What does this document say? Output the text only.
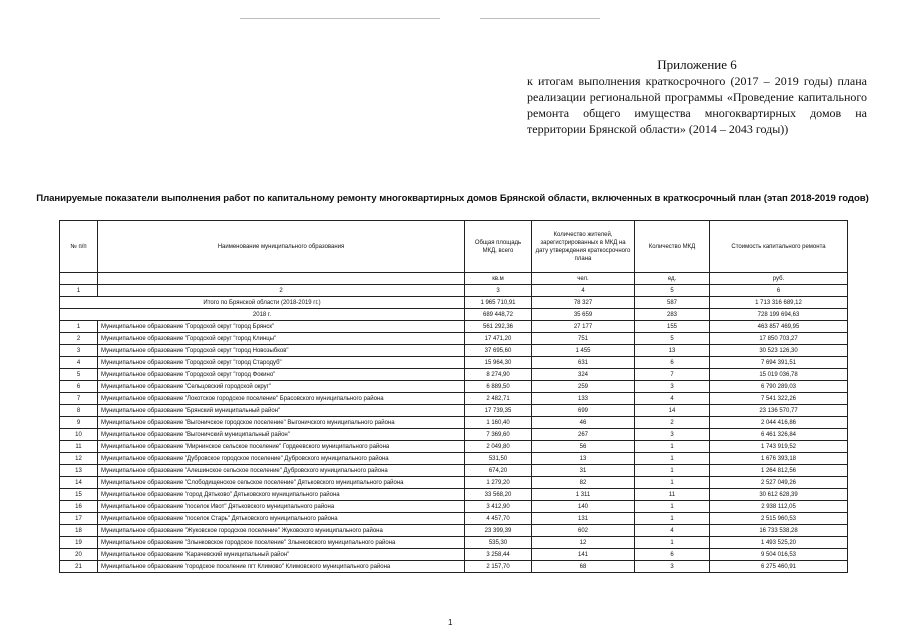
Приложение 6
к итогам выполнения краткосрочного (2017 – 2019 годы) плана реализации региональной программы «Проведение капитального ремонта общего имущества многоквартирных домов на территории Брянской области» (2014 – 2043 годы))
Планируемые показатели выполнения работ по капитальному ремонту многоквартирных домов Брянской области, включенных в краткосрочный план (этап 2018-2019 годов)
№ п/п	Наименование муниципального образования	Общая площадь МКД, всего	Количество жителей, зарегистрированных в МКД на дату утверждения краткосрочного плана	Количество МКД	Стоимость капитального ремонта
		кв.м	чел.	ед.	руб.
1	2	3	4	5	6
Итого по Брянской области (2018-2019 гг.)		1 965 710,91	78 327	587	1 713 316 689,12
2018 г.		689 448,72	35 659	283	728 199 694,63
1	Муниципальное образование "Городской округ "город Брянск"	561 292,36	27 177	155	463 857 469,95
2	Муниципальное образование "Городской округ "город Клинцы"	17 471,20	751	5	17 850 703,27
3	Муниципальное образование "Городской округ "город Новозыбков"	37 695,60	1 455	13	30 523 126,30
4	Муниципальное образование "Городской округ "город Стародуб"	15 964,30	631	6	7 694 391,51
5	Муниципальное образование "Городской округ "город Фокино"	8 274,90	324	7	15 019 036,78
6	Муниципальное образование "Сельцовский городской округ"	6 889,50	259	3	6 790 289,03
7	Муниципальное образование "Локотское городское поселение" Брасовского муниципального района	2 482,71	133	4	7 541 322,26
8	Муниципальное образование "Брянский муниципальный район"	17 739,35	699	14	23 136 570,77
9	Муниципальное образование "Выгоничское городское поселение" Выгоничского муниципального района	1 160,40	46	2	2 044 416,86
10	Муниципальное образование "Выгоничский муниципальный район"	7 369,60	267	3	6 461 326,84
11	Муниципальное образование "Мирнинское сельское поселение" Гордеевского муниципального района	2 049,80	56	1	1 743 919,52
12	Муниципальное образование "Дубровское городское поселение" Дубровского муниципального района	531,50	13	1	1 676 393,18
13	Муниципальное образование "Алешинское сельское поселение" Дубровского муниципального района	674,20	31	1	1 264 812,56
14	Муниципальное образование "Слободищенское сельское поселение" Дятьковского муниципального района	1 279,20	82	1	2 527 049,26
15	Муниципальное образование "город Дятьково" Дятьковского муниципального района	33 568,20	1 311	11	30 612 628,39
16	Муниципальное образование "поселок Ивот" Дятьковского муниципального района	3 412,90	140	1	2 938 112,05
17	Муниципальное образование "поселок Старь" Дятьковского муниципального района	4 457,70	131	1	2 515 960,53
18	Муниципальное образование "Жуковское городское поселение" Жуковского муниципального района	23 399,39	602	4	16 733 538,28
19	Муниципальное образование "Злынковское городское поселение" Злынковского муниципального района	535,30	12	1	1 493 525,20
20	Муниципальное образование "Карачевский муниципальный район"	3 258,44	141	6	9 504 016,53
21	Муниципальное образование "городское поселение пгт Климово" Климовского муниципального района	2 157,70	68	3	6 275 460,91
1
